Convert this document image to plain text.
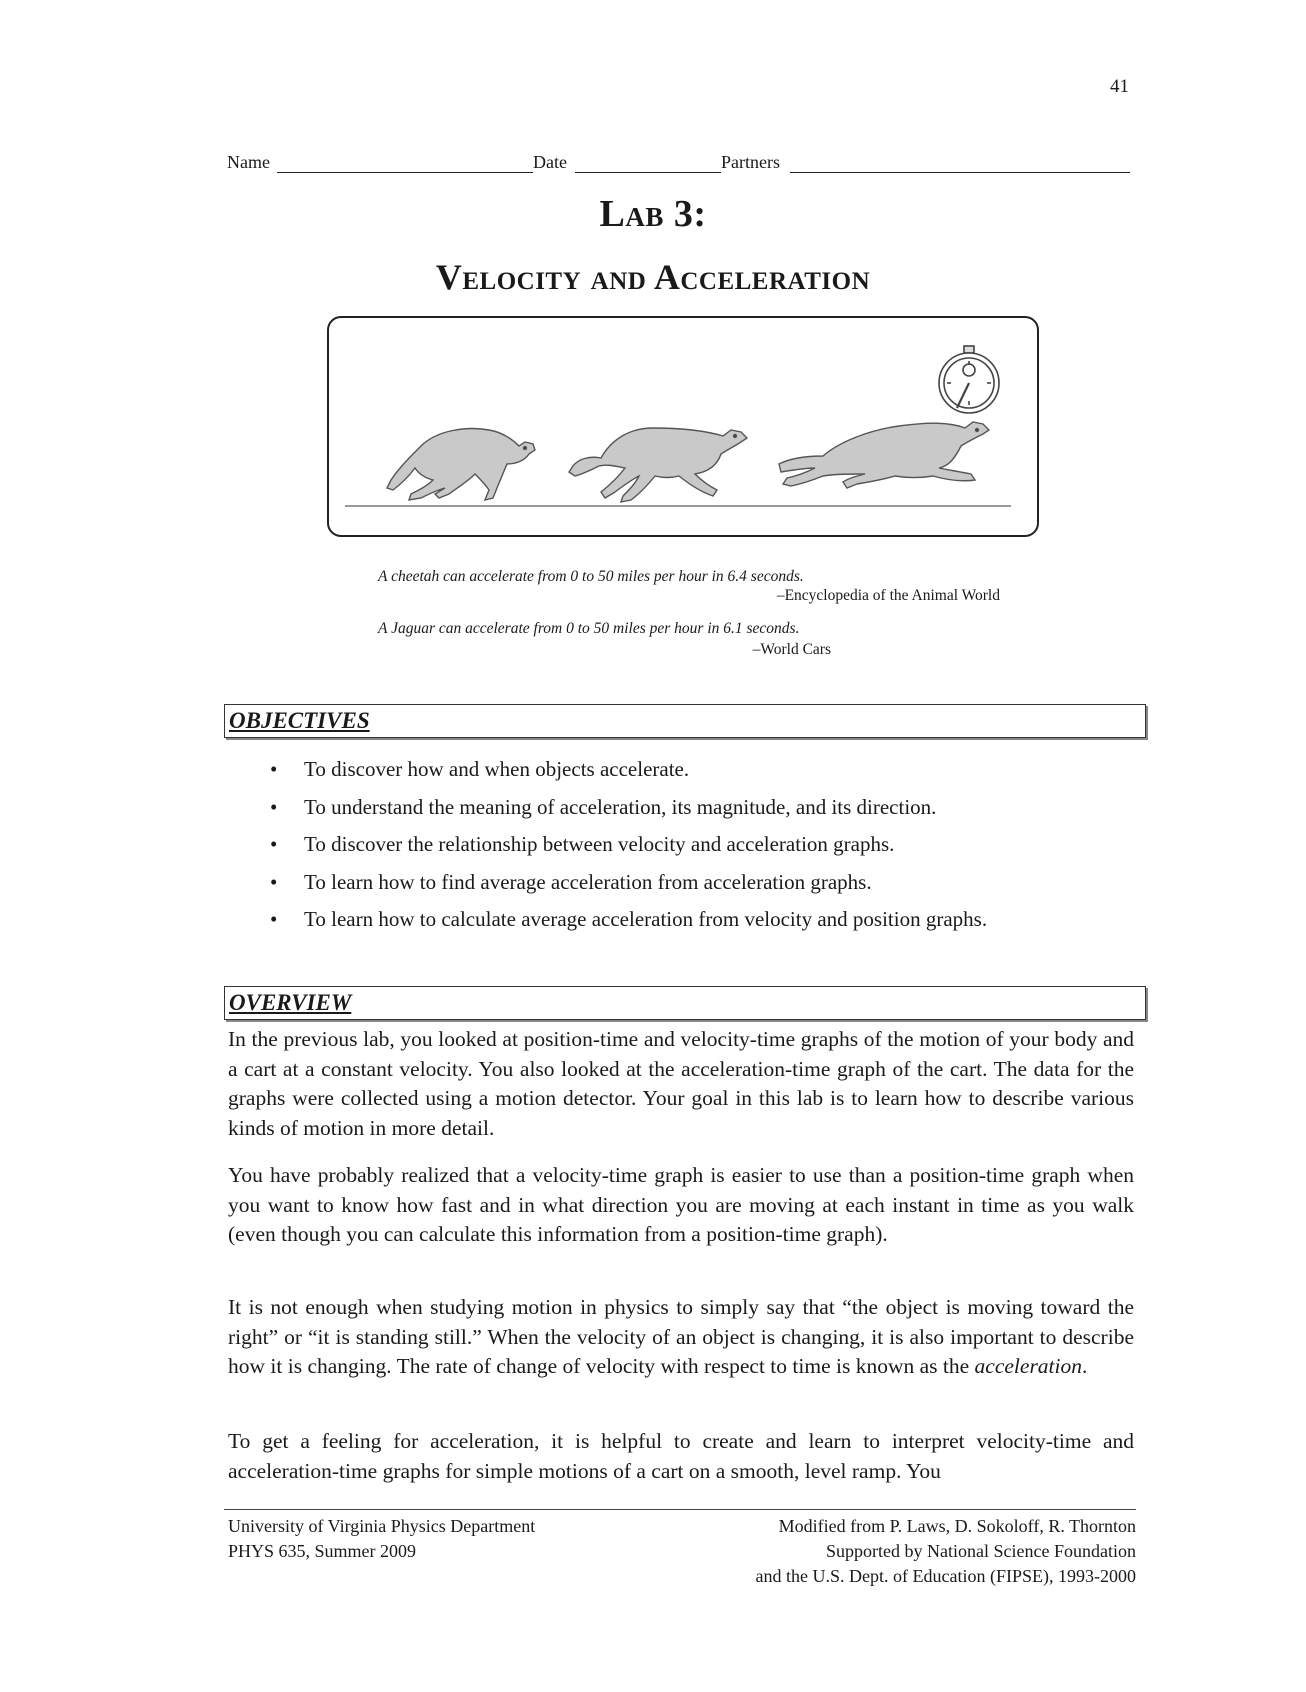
41
Name	Date	Partners
Lab 3:
Velocity and Acceleration
A cheetah can accelerate from 0 to 50 miles per hour in 6.4 seconds.
–Encyclopedia of the Animal World
A Jaguar can accelerate from 0 to 50 miles per hour in 6.1 seconds.
–World Cars
OBJECTIVES
• To discover how and when objects accelerate.
• To understand the meaning of acceleration, its magnitude, and its direction.
• To discover the relationship between velocity and acceleration graphs.
• To learn how to find average acceleration from acceleration graphs.
• To learn how to calculate average acceleration from velocity and position graphs.
OVERVIEW

In the previous lab, you looked at position-time and velocity-time graphs of the motion of your body and a cart at a constant velocity. You also looked at the acceleration-time graph of the cart. The data for the graphs were collected using a motion detector. Your goal in this lab is to learn how to describe various kinds of motion in more detail.

You have probably realized that a velocity-time graph is easier to use than a position-time graph when you want to know how fast and in what direction you are moving at each instant in time as you walk (even though you can calculate this information from a position-time graph).

It is not enough when studying motion in physics to simply say that “the object is moving toward the right” or “it is standing still.” When the velocity of an object is changing, it is also important to describe how it is changing. The rate of change of velocity with respect to time is known as the acceleration.

To get a feeling for acceleration, it is helpful to create and learn to interpret velocity-time and acceleration-time graphs for simple motions of a cart on a smooth, level ramp. You

University of Virginia Physics Department
PHYS 635, Summer 2009
Modified from P. Laws, D. Sokoloff, R. Thornton
Supported by National Science Foundation
and the U.S. Dept. of Education (FIPSE), 1993-2000
